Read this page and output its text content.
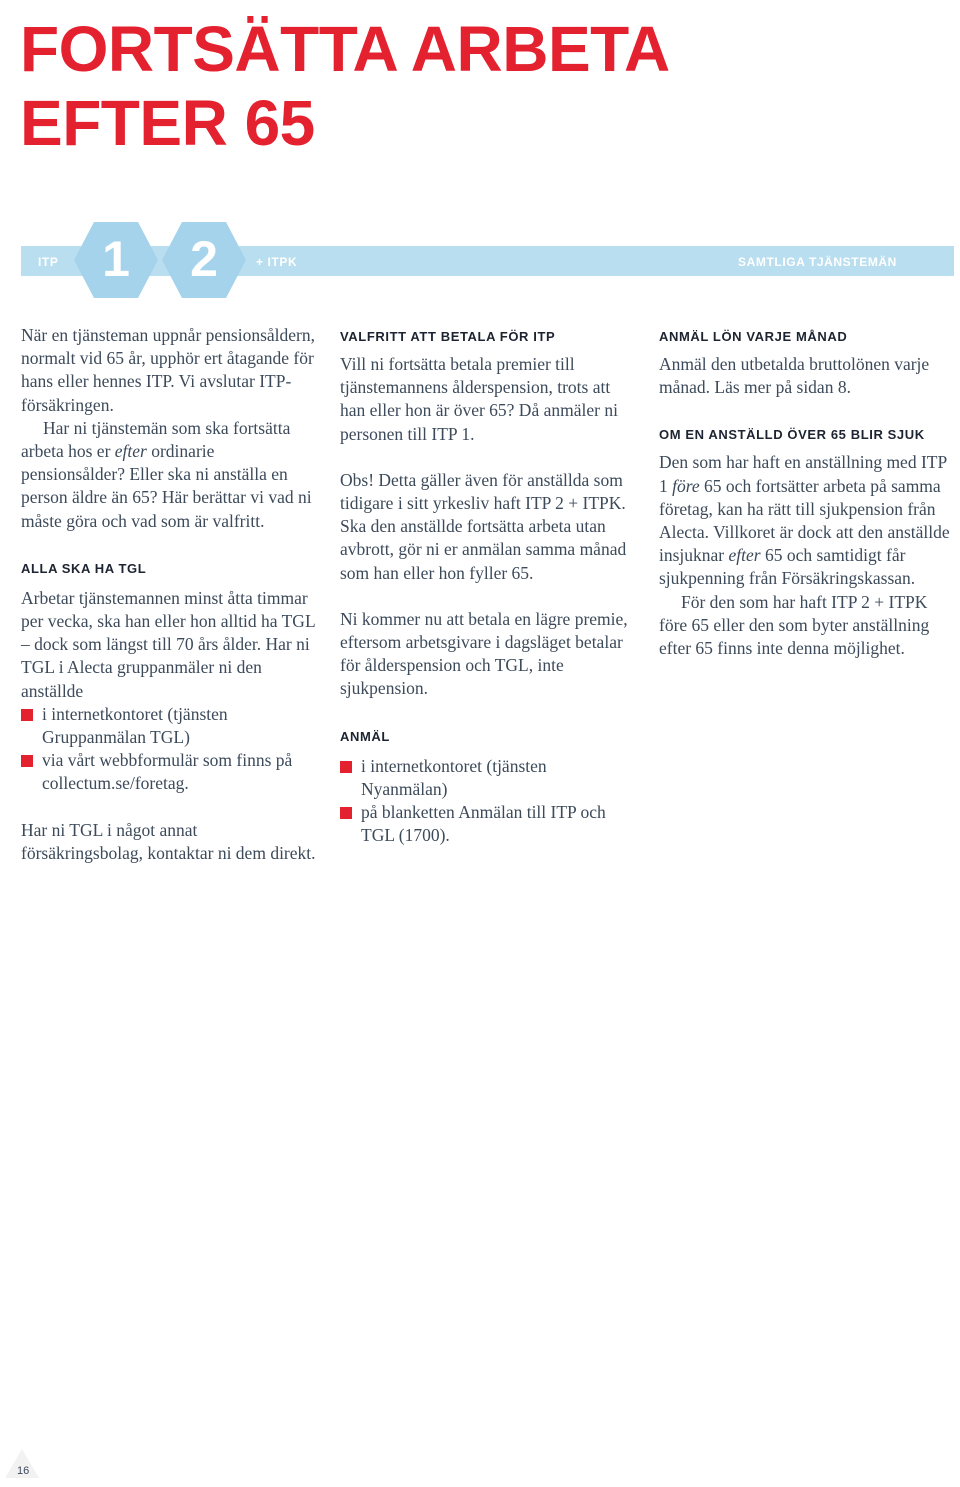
FORTSÄTTA ARBETA
EFTER 65
ITP 1	2	+ ITPK	SAMTLIGA TJÄNSTEMÄN

När en tjänsteman uppnår pensionsåldern, normalt vid 65 år, upphör ert åtagande för hans eller hennes ITP. Vi avslutar ITP-försäkringen.

Har ni tjänstemän som ska fortsätta arbeta hos er efter ordinarie pensionsålder? Eller ska ni anställa en person äldre än 65? Här berättar vi vad ni måste göra och vad som är valfritt.

ALLA SKA HA TGL

Arbetar tjänstemannen minst åtta timmar per vecka, ska han eller hon alltid ha TGL – dock som längst till 70 års ålder. Har ni TGL i Alecta gruppanmäler ni den anställde

i internetkontoret (tjänsten Gruppanmälan TGL)
via vårt webbformulär som finns på collectum.se/foretag.

Har ni TGL i något annat försäkringsbolag, kontaktar ni dem direkt.

VALFRITT ATT BETALA FÖR ITP

Vill ni fortsätta betala premier till tjänstemannens ålderspension, trots att han eller hon är över 65? Då anmäler ni personen till ITP 1.

Obs! Detta gäller även för anställda som tidigare i sitt yrkesliv haft ITP 2 + ITPK. Ska den anställde fortsätta arbeta utan avbrott, gör ni er anmälan samma månad som han eller hon fyller 65.

Ni kommer nu att betala en lägre premie, eftersom arbetsgivare i dagsläget betalar för ålderspension och TGL, inte sjukpension.

ANMÄL
i internetkontoret (tjänsten Nyanmälan)
på blanketten Anmälan till ITP och TGL (1700).
ANMÄL LÖN VARJE MÅNAD

Anmäl den utbetalda bruttolönen varje månad. Läs mer på sidan 8.

OM EN ANSTÄLLD ÖVER 65 BLIR SJUK

Den som har haft en anställning med ITP 1 före 65 och fortsätter arbeta på samma företag, kan ha rätt till sjukpension från Alecta. Villkoret är dock att den anställde insjuknar efter 65 och samtidigt får sjukpenning från Försäkringskassan.

För den som har haft ITP 2 + ITPK före 65 eller den som byter anställning efter 65 finns inte denna möjlighet.

16
